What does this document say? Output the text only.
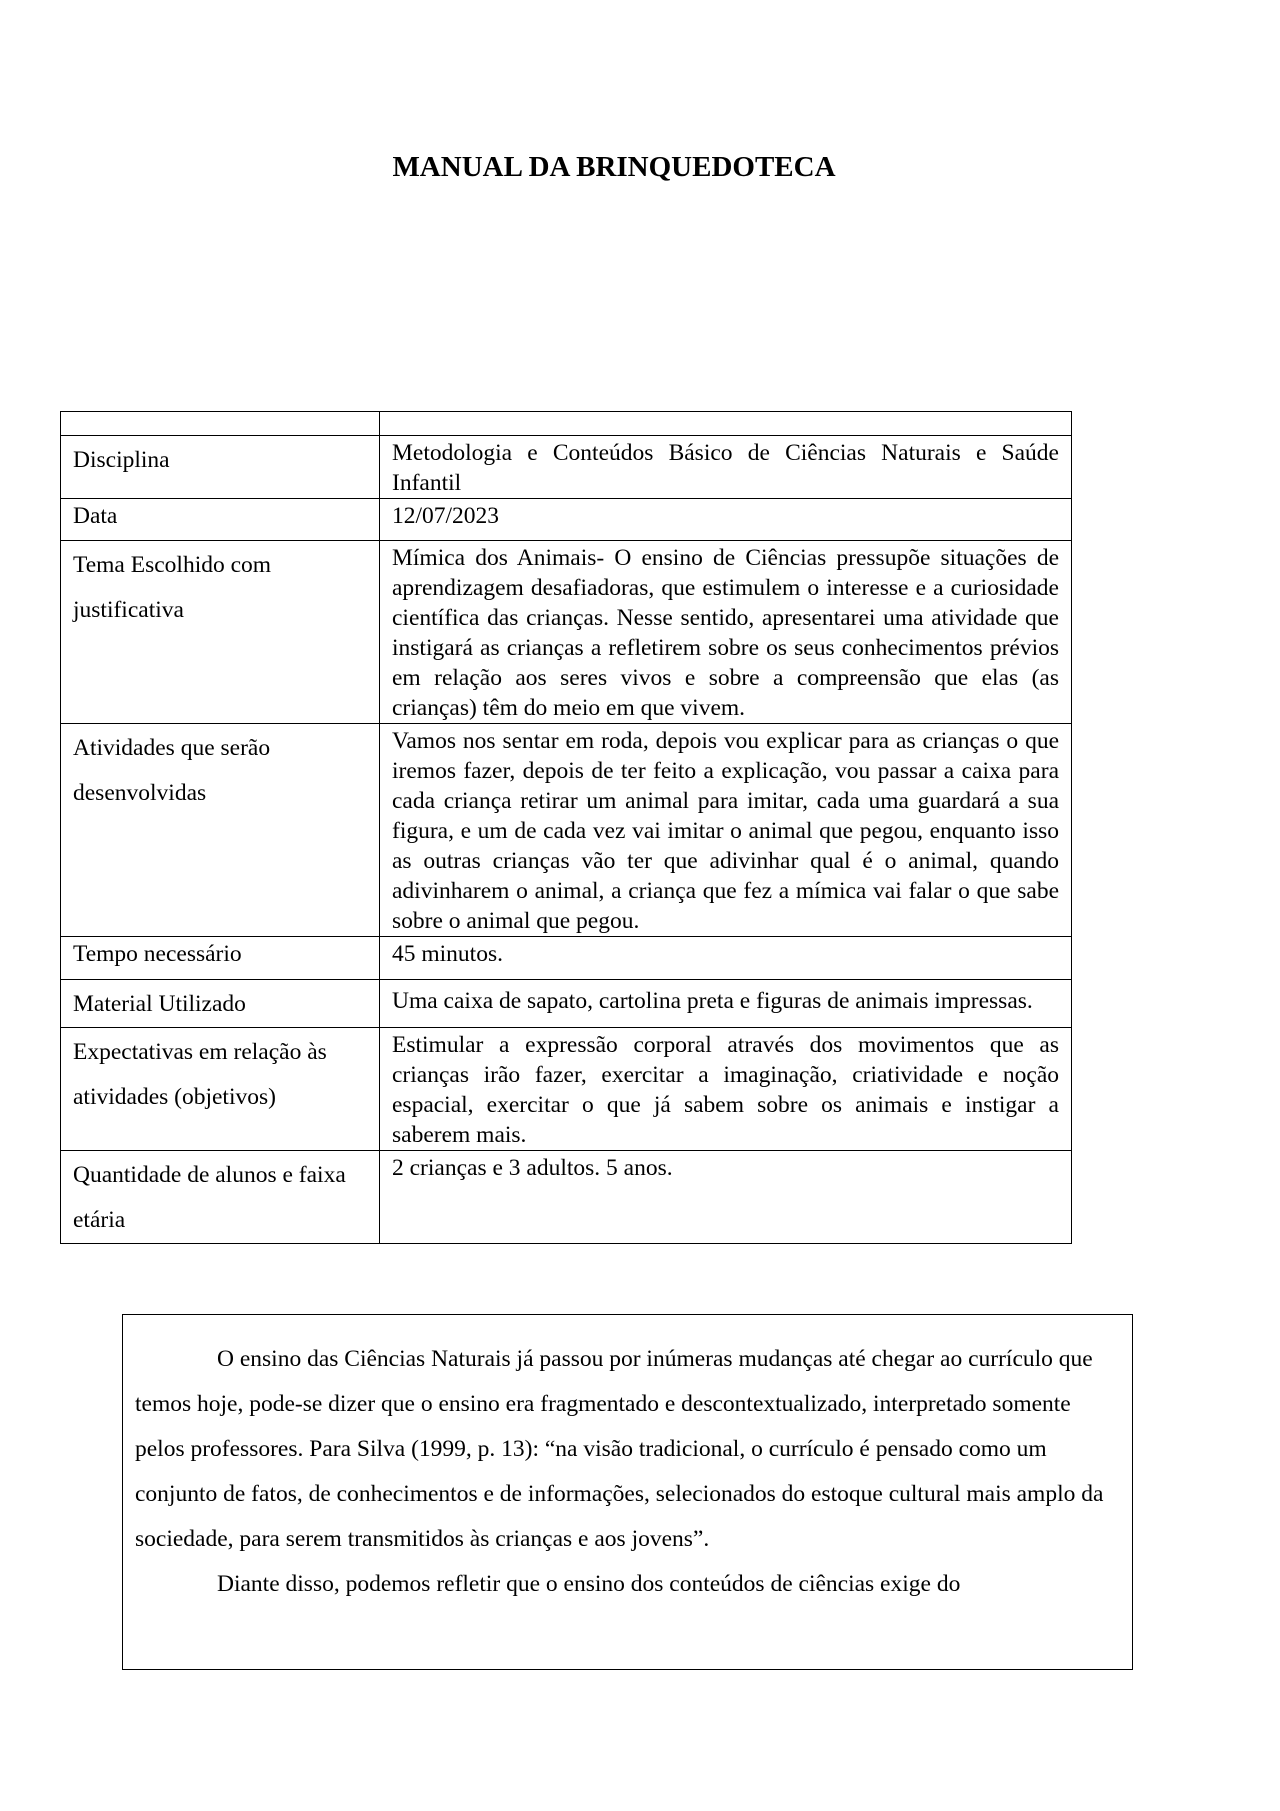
MANUAL DA BRINQUEDOTECA

Disciplina	Metodologia e Conteúdos Básico de Ciências Naturais e Saúde Infantil
Data	12/07/2023
Tema Escolhido com justificativa	Mímica dos Animais- O ensino de Ciências pressupõe situações de aprendizagem desafiadoras, que estimulem o interesse e a curiosidade científica das crianças. Nesse sentido, apresentarei uma atividade que instigará as crianças a refletirem sobre os seus conhecimentos prévios em relação aos seres vivos e sobre a compreensão que elas (as crianças) têm do meio em que vivem.
Atividades que serão desenvolvidas	Vamos nos sentar em roda, depois vou explicar para as crianças o que iremos fazer, depois de ter feito a explicação, vou passar a caixa para cada criança retirar um animal para imitar, cada uma guardará a sua figura, e um de cada vez vai imitar o animal que pegou, enquanto isso as outras crianças vão ter que adivinhar qual é o animal, quando adivinharem o animal, a criança que fez a mímica vai falar o que sabe sobre o animal que pegou.
Tempo necessário	45 minutos.
Material Utilizado	Uma caixa de sapato, cartolina preta e figuras de animais impressas.
Expectativas em relação às atividades (objetivos)	Estimular a expressão corporal através dos movimentos que as crianças irão fazer, exercitar a imaginação, criatividade e noção espacial, exercitar o que já sabem sobre os animais e instigar a saberem mais.
Quantidade de alunos e faixa etária	2 crianças e 3 adultos. 5 anos.

O ensino das Ciências Naturais já passou por inúmeras mudanças até chegar ao currículo que temos hoje, pode-se dizer que o ensino era fragmentado e descontextualizado, interpretado somente pelos professores. Para Silva (1999, p. 13): “na visão tradicional, o currículo é pensado como um conjunto de fatos, de conhecimentos e de informações, selecionados do estoque cultural mais amplo da sociedade, para serem transmitidos às crianças e aos jovens”.

Diante disso, podemos refletir que o ensino dos conteúdos de ciências exige do
